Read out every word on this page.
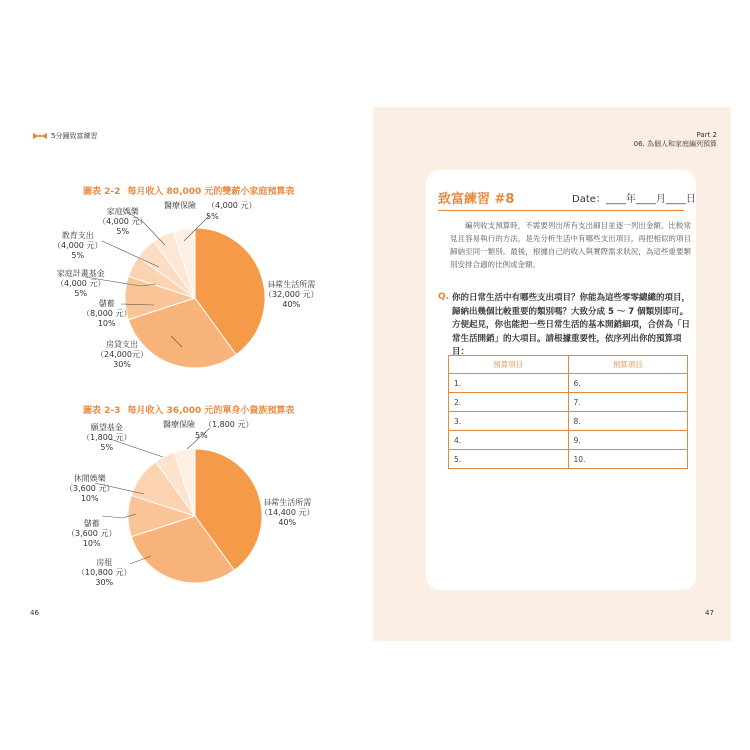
5分鐘致富練習
圖表 2-2 每月收入 80,000 元的雙薪小家庭預算表
醫療保險 （4,000 元）
5%
家庭娛樂
（4,000 元）
5%
教育支出
（4,000 元）
5%
家庭計畫基金
（4,000 元）
5%
儲蓄
（8,000 元）
10%
房貸支出
（24,000元）
30%
日常生活所需
（32,000 元）
40%
圖表 2-3 每月收入 36,000 元的單身小資族預算表
醫療保險 （1,800 元）
5%
願望基金
（1,800 元）
5%
休閒娛樂
（3,600 元）
10%
儲蓄
（3,600 元）
10%
房租
（10,800 元）
30%
日常生活所需
（14,400 元）
40%
46
Part 2
06. 為個人和家庭編列預算
致富練習 #8	Date：____年____月____日
編列收支預算時，不需要列出所有支出細目並逐一列出金額。比較常見且容易執行的方法，是先分析生活中有哪些支出項目，再把相似的項目歸納至同一類別。最後，根據自己的收入與實際需求狀況，為這些重要類別安排合適的比例或金額。
Q. 你的日常生活中有哪些支出項目？你能為這些零零總總的項目，歸納出幾個比較重要的類別嗎？大致分成 5 ～ 7 個類別即可。方便起見，你也能把一些日常生活的基本開銷細項，合併為「日常生活開銷」的大項目。請根據重要性，依序列出你的預算項目：
預算項目	預算項目
1.	6.
2.	7.
3.	8.
4.	9.
5.	10.
47
